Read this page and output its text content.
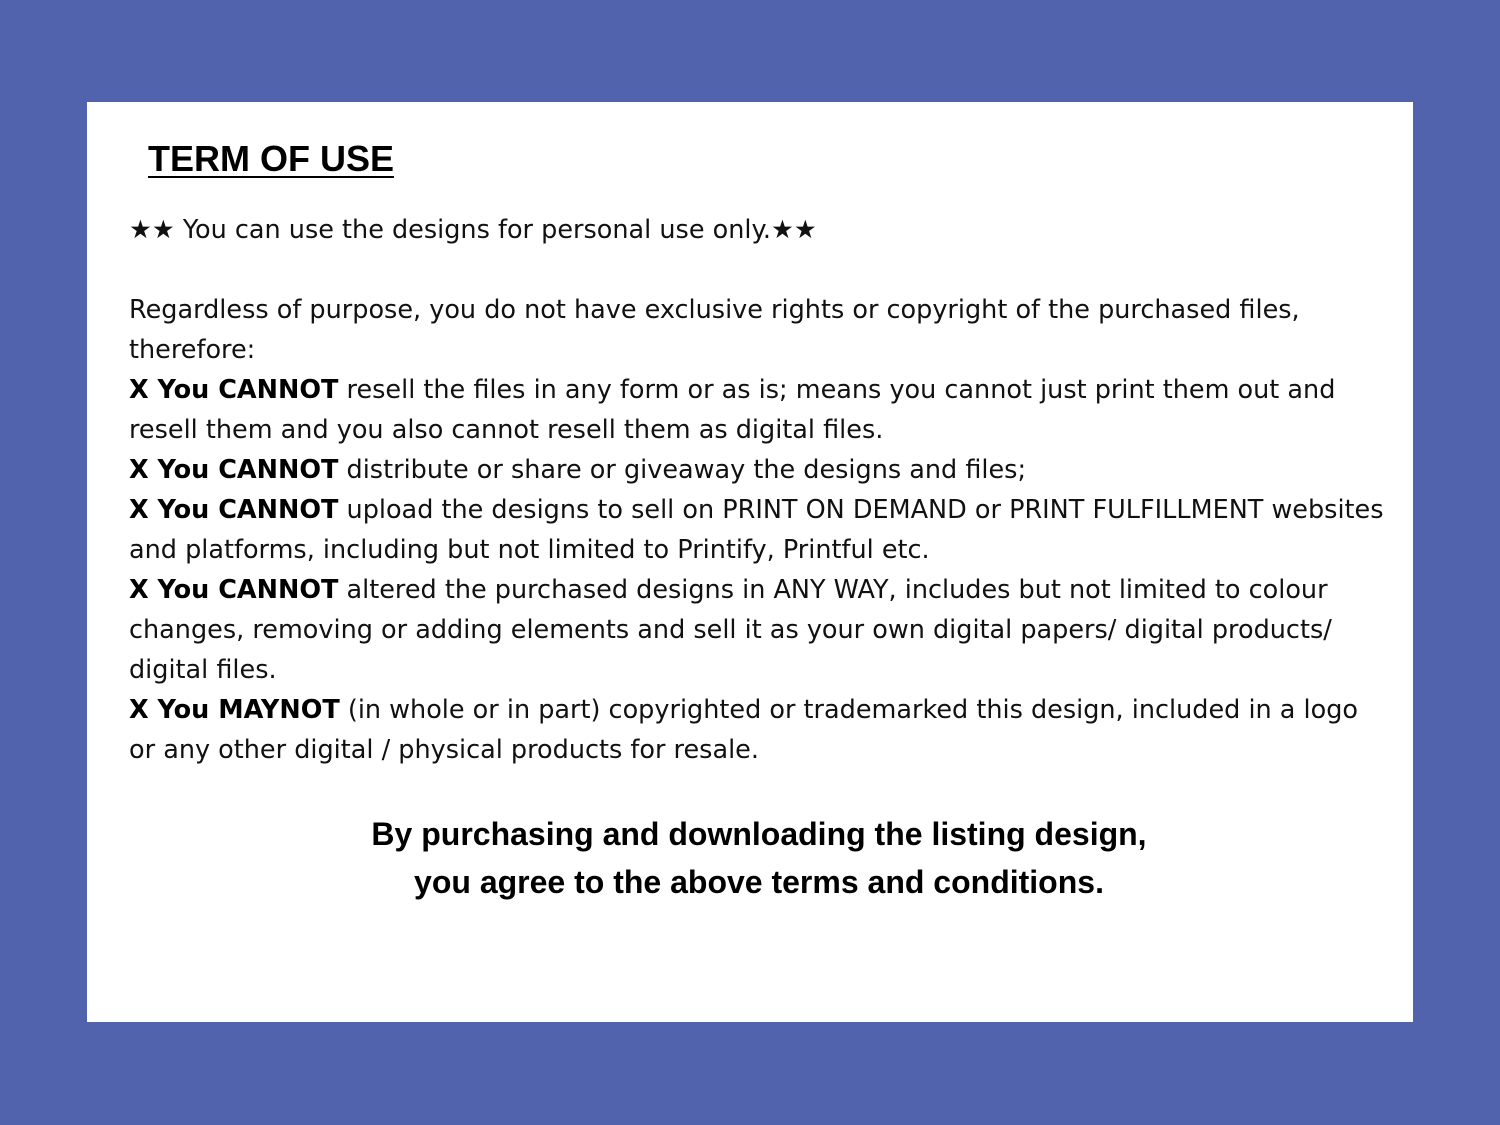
TERM OF USE

★★ You can use the designs for personal use only.★★

Regardless of purpose, you do not have exclusive rights or copyright of the purchased files, therefore:

X You CANNOT resell the files in any form or as is; means you cannot just print them out and resell them and you also cannot resell them as digital files.

X You CANNOT distribute or share or giveaway the designs and files;

X You CANNOT upload the designs to sell on PRINT ON DEMAND or PRINT FULFILLMENT websites and platforms, including but not limited to Printify, Printful etc.

X You CANNOT altered the purchased designs in ANY WAY, includes but not limited to colour changes, removing or adding elements and sell it as your own digital papers/ digital products/ digital files.

X You MAYNOT (in whole or in part) copyrighted or trademarked this design, included in a logo or any other digital / physical products for resale.

By purchasing and downloading the listing design,

you agree to the above terms and conditions.
